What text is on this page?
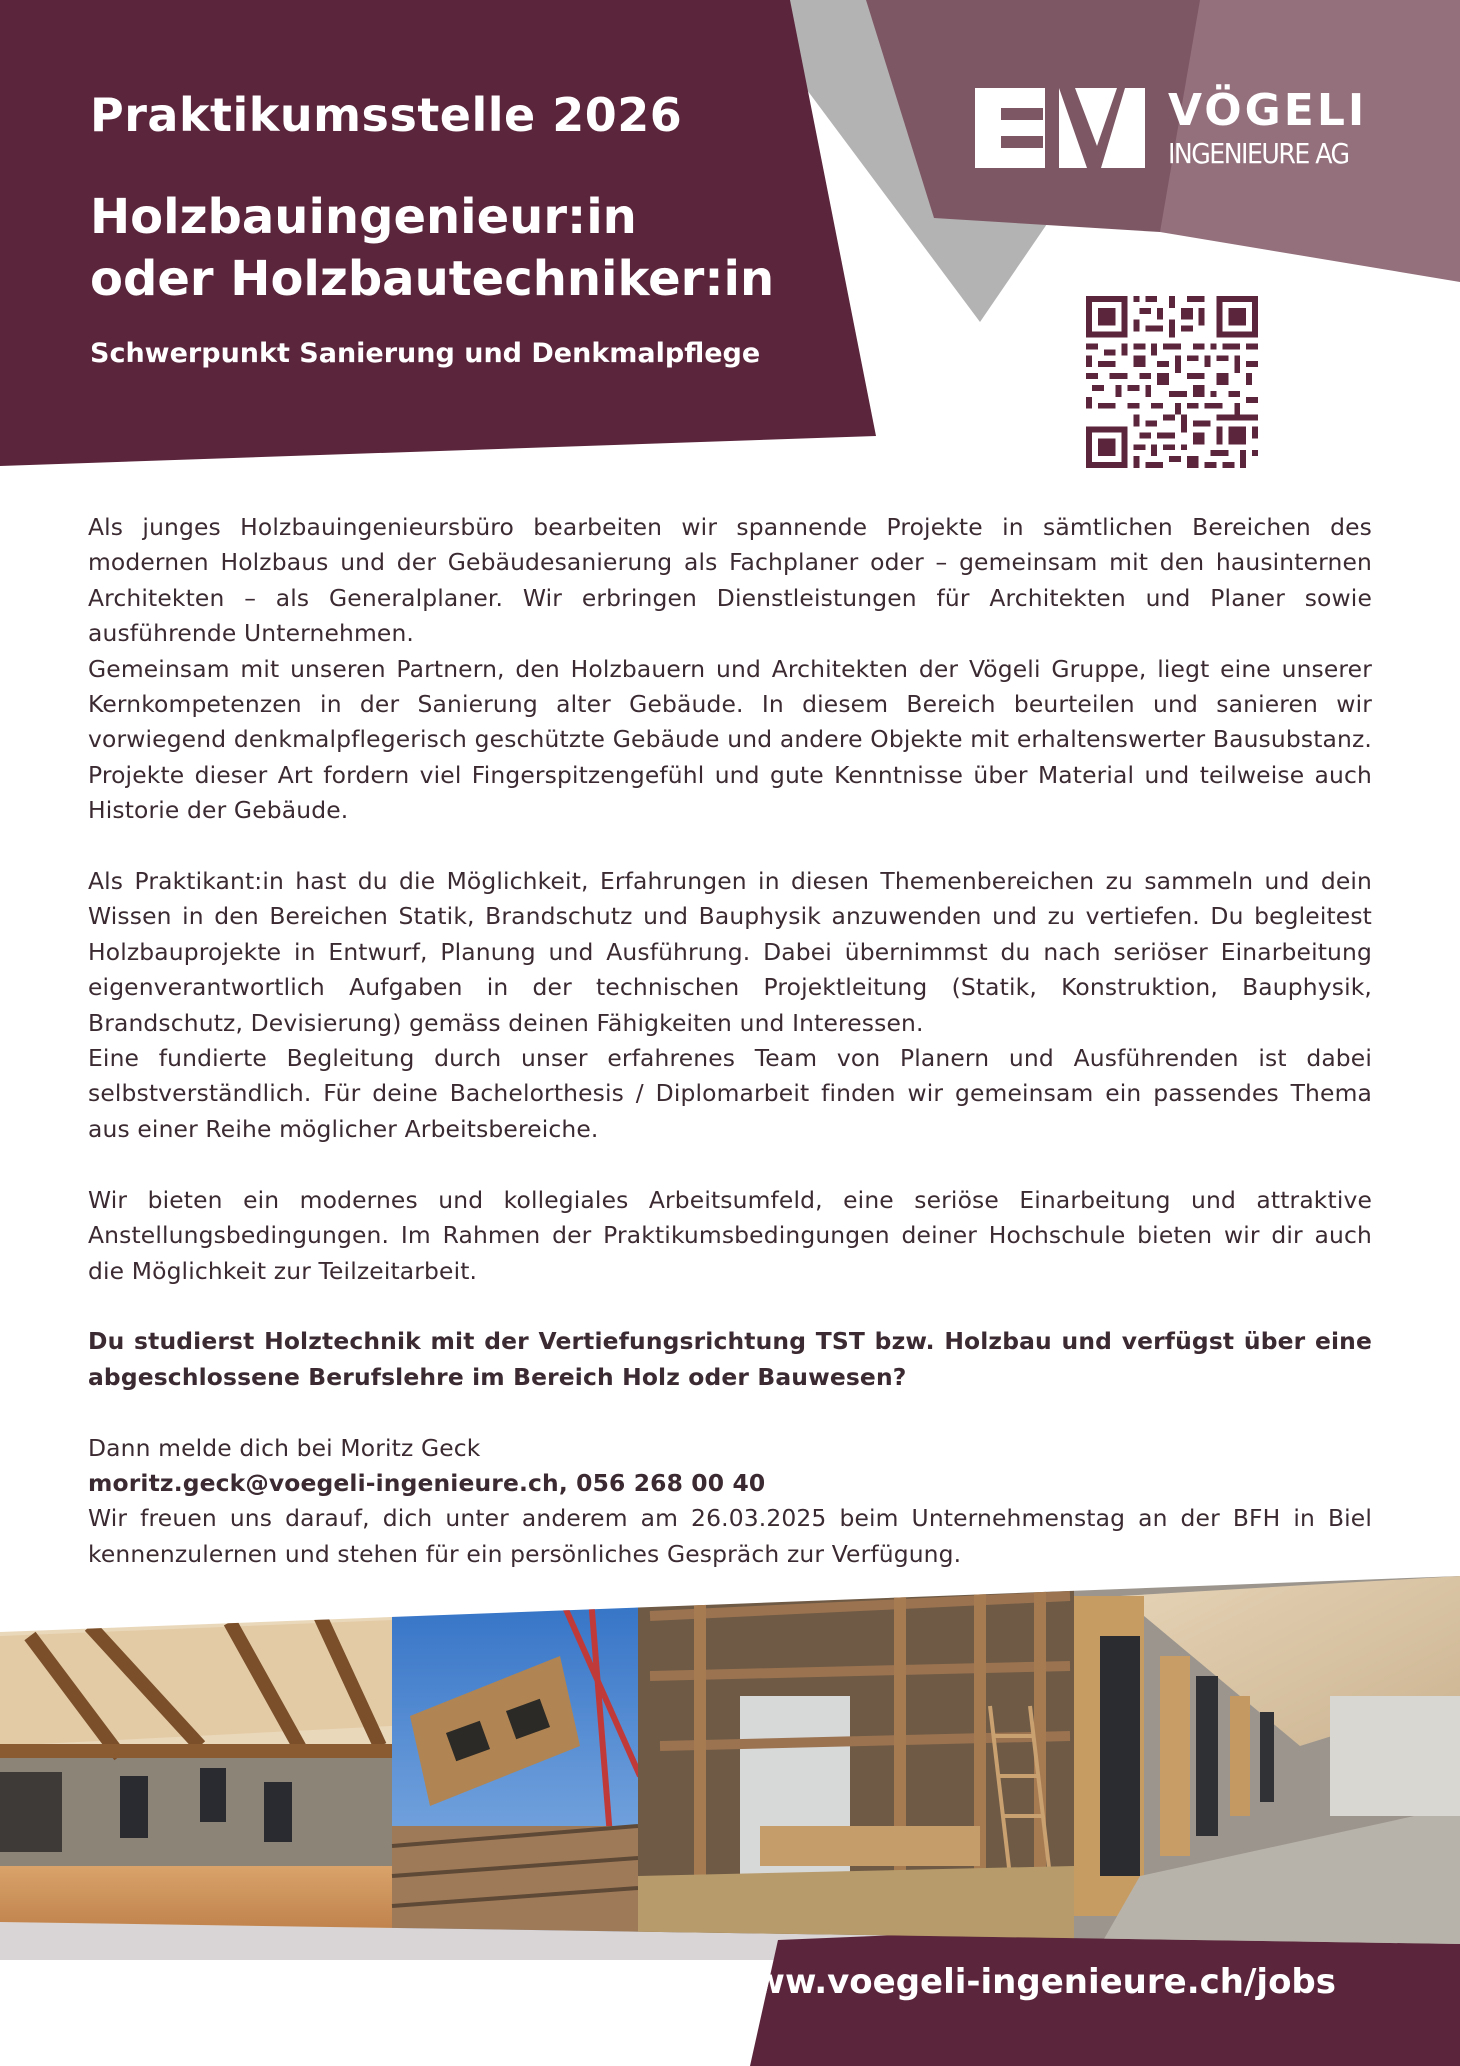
Praktikumsstelle 2026
Holzbauingenieur:in
oder Holzbautechniker:in
Schwerpunkt Sanierung und Denkmalpflege
VÖGELI
INGENIEURE AG

Als junges Holzbauingenieursbüro bearbeiten wir spannende Projekte in sämtlichen Bereichen des modernen Holzbaus und der Gebäudesanierung als Fachplaner oder – gemeinsam mit den hausinternen Architekten – als Generalplaner. Wir erbringen Dienstleistungen für Architekten und Planer sowie ausführende Unternehmen.

Gemeinsam mit unseren Partnern, den Holzbauern und Architekten der Vögeli Gruppe, liegt eine unserer Kernkompetenzen in der Sanierung alter Gebäude. In diesem Bereich beurteilen und sanieren wir vorwiegend denkmalpflegerisch geschützte Gebäude und andere Objekte mit erhaltenswerter Bausubstanz. Projekte dieser Art fordern viel Fingerspitzengefühl und gute Kenntnisse über Material und teilweise auch Historie der Gebäude.

Als Praktikant:in hast du die Möglichkeit, Erfahrungen in diesen Themenbereichen zu sammeln und dein Wissen in den Bereichen Statik, Brandschutz und Bauphysik anzuwenden und zu vertiefen. Du begleitest Holzbauprojekte in Entwurf, Planung und Ausführung. Dabei übernimmst du nach seriöser Einarbeitung eigenverantwortlich Aufgaben in der technischen Projektleitung (Statik, Konstruktion, Bauphysik, Brandschutz, Devisierung) gemäss deinen Fähigkeiten und Interessen.

Eine fundierte Begleitung durch unser erfahrenes Team von Planern und Ausführenden ist dabei selbstverständlich. Für deine Bachelorthesis / Diplomarbeit finden wir gemeinsam ein passendes Thema aus einer Reihe möglicher Arbeitsbereiche.

Wir bieten ein modernes und kollegiales Arbeitsumfeld, eine seriöse Einarbeitung und attraktive Anstellungsbedingungen. Im Rahmen der Praktikumsbedingungen deiner Hochschule bieten wir dir auch die Möglichkeit zur Teilzeitarbeit.

Du studierst Holztechnik mit der Vertiefungsrichtung TST bzw. Holzbau und verfügst über eine abgeschlossene Berufslehre im Bereich Holz oder Bauwesen?

Dann melde dich bei Moritz Geck

moritz.geck@voegeli-ingenieure.ch, 056 268 00 40

Wir freuen uns darauf, dich unter anderem am 26.03.2025 beim Unternehmenstag an der BFH in Biel kennenzulernen und stehen für ein persönliches Gespräch zur Verfügung.

www.voegeli-ingenieure.ch/jobs
